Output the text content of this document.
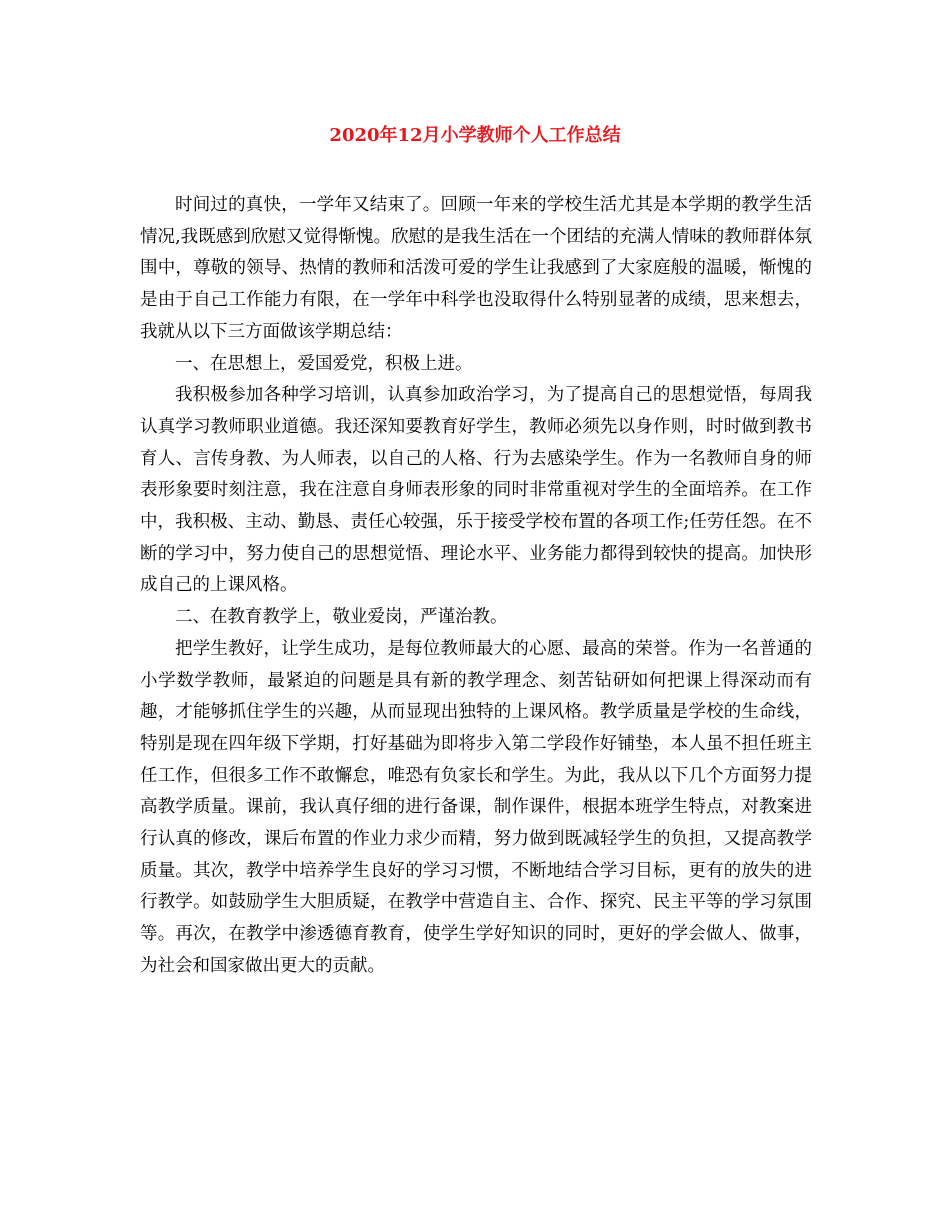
2020年12月小学教师个人工作总结

时间过的真快，一学年又结束了。回顾一年来的学校生活尤其是本学期的教学生活情况,我既感到欣慰又觉得惭愧。欣慰的是我生活在一个团结的充满人情味的教师群体氛围中，尊敬的领导、热情的教师和活泼可爱的学生让我感到了大家庭般的温暖，惭愧的是由于自己工作能力有限，在一学年中科学也没取得什么特别显著的成绩，思来想去，我就从以下三方面做该学期总结：

一、在思想上，爱国爱党，积极上进。

我积极参加各种学习培训，认真参加政治学习，为了提高自己的思想觉悟，每周我认真学习教师职业道德。我还深知要教育好学生，教师必须先以身作则，时时做到教书育人、言传身教、为人师表，以自己的人格、行为去感染学生。作为一名教师自身的师表形象要时刻注意，我在注意自身师表形象的同时非常重视对学生的全面培养。在工作中，我积极、主动、勤恳、责任心较强，乐于接受学校布置的各项工作;任劳任怨。在不断的学习中，努力使自己的思想觉悟、理论水平、业务能力都得到较快的提高。加快形成自己的上课风格。

二、在教育教学上，敬业爱岗，严谨治教。

把学生教好，让学生成功，是每位教师最大的心愿、最高的荣誉。作为一名普通的小学数学教师，最紧迫的问题是具有新的教学理念、刻苦钻研如何把课上得深动而有趣，才能够抓住学生的兴趣，从而显现出独特的上课风格。教学质量是学校的生命线，特别是现在四年级下学期，打好基础为即将步入第二学段作好铺垫，本人虽不担任班主任工作，但很多工作不敢懈怠，唯恐有负家长和学生。为此，我从以下几个方面努力提高教学质量。课前，我认真仔细的进行备课，制作课件，根据本班学生特点，对教案进行认真的修改，课后布置的作业力求少而精，努力做到既减轻学生的负担，又提高教学质量。其次，教学中培养学生良好的学习习惯，不断地结合学习目标，更有的放失的进行教学。如鼓励学生大胆质疑，在教学中营造自主、合作、探究、民主平等的学习氛围等。再次，在教学中渗透德育教育，使学生学好知识的同时，更好的学会做人、做事，为社会和国家做出更大的贡献。
